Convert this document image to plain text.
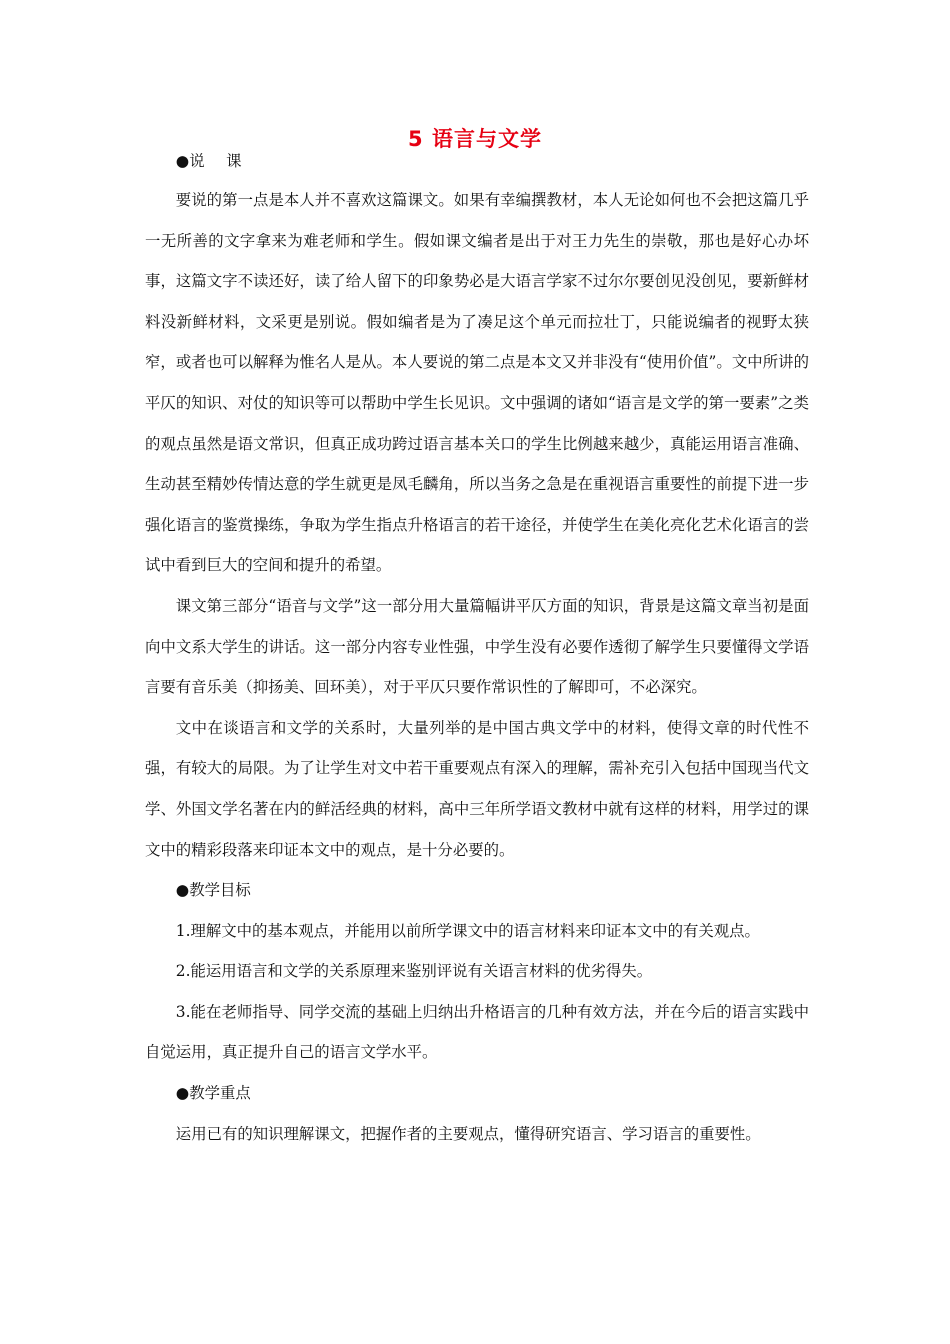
5 语言与文学
●说课

要说的第一点是本人并不喜欢这篇课文。如果有幸编撰教材，本人无论如何也不会把这篇几乎一无所善的文字拿来为难老师和学生。假如课文编者是出于对王力先生的崇敬，那也是好心办坏事，这篇文字不读还好，读了给人留下的印象势必是大语言学家不过尔尔要创见没创见，要新鲜材料没新鲜材料，文采更是别说。假如编者是为了凑足这个单元而拉壮丁，只能说编者的视野太狭窄，或者也可以解释为惟名人是从。本人要说的第二点是本文又并非没有“使用价值”。文中所讲的平仄的知识、对仗的知识等可以帮助中学生长见识。文中强调的诸如“语言是文学的第一要素”之类的观点虽然是语文常识，但真正成功跨过语言基本关口的学生比例越来越少，真能运用语言准确、生动甚至精妙传情达意的学生就更是凤毛麟角，所以当务之急是在重视语言重要性的前提下进一步强化语言的鉴赏操练，争取为学生指点升格语言的若干途径，并使学生在美化亮化艺术化语言的尝试中看到巨大的空间和提升的希望。

课文第三部分“语音与文学”这一部分用大量篇幅讲平仄方面的知识，背景是这篇文章当初是面向中文系大学生的讲话。这一部分内容专业性强，中学生没有必要作透彻了解学生只要懂得文学语言要有音乐美（抑扬美、回环美），对于平仄只要作常识性的了解即可，不必深究。

文中在谈语言和文学的关系时，大量列举的是中国古典文学中的材料，使得文章的时代性不强，有较大的局限。为了让学生对文中若干重要观点有深入的理解，需补充引入包括中国现当代文学、外国文学名著在内的鲜活经典的材料，高中三年所学语文教材中就有这样的材料，用学过的课文中的精彩段落来印证本文中的观点，是十分必要的。

●教学目标

1.理解文中的基本观点，并能用以前所学课文中的语言材料来印证本文中的有关观点。

2.能运用语言和文学的关系原理来鉴别评说有关语言材料的优劣得失。

3.能在老师指导、同学交流的基础上归纳出升格语言的几种有效方法，并在今后的语言实践中自觉运用，真正提升自己的语言文学水平。

●教学重点

运用已有的知识理解课文，把握作者的主要观点，懂得研究语言、学习语言的重要性。
